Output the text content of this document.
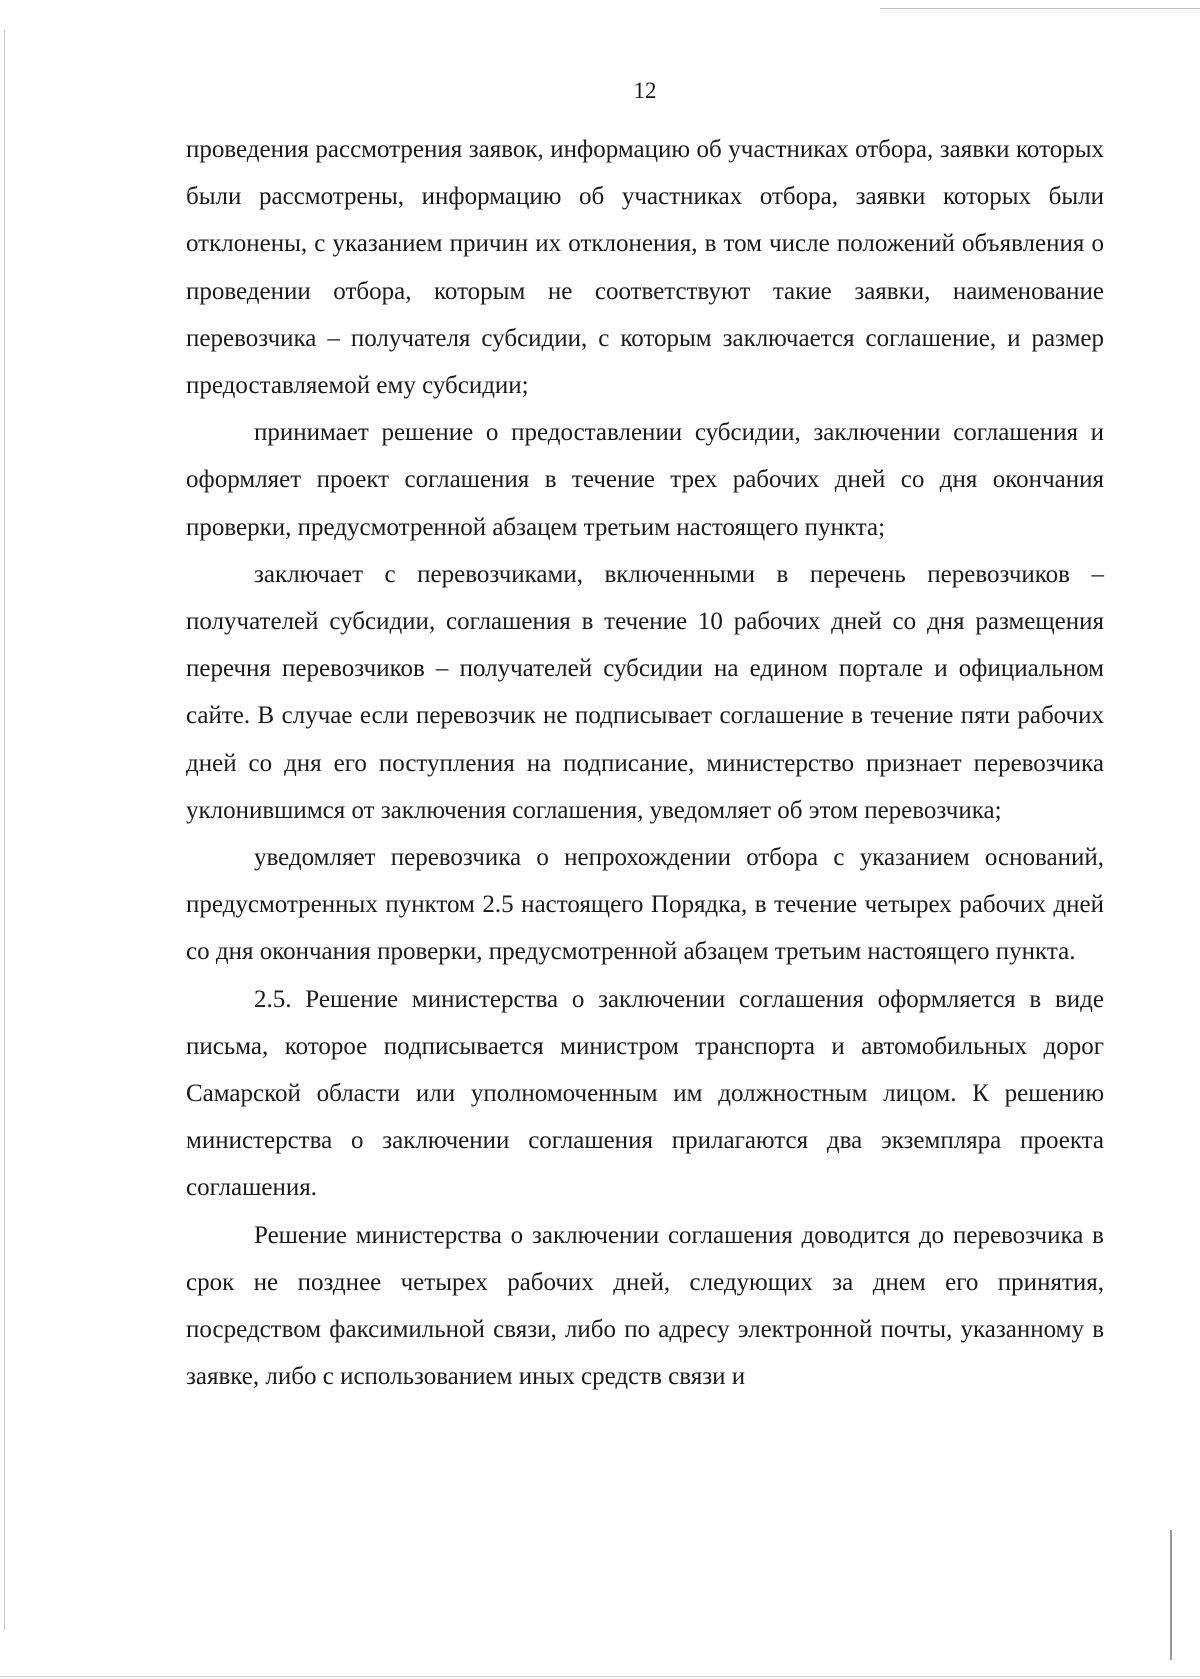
12

проведения рассмотрения заявок, информацию об участниках отбора, заявки которых были рассмотрены, информацию об участниках отбора, заявки которых были отклонены, с указанием причин их отклонения, в том числе положений объявления о проведении отбора, которым не соответствуют такие заявки, наименование перевозчика – получателя субсидии, с которым заключается соглашение, и размер предоставляемой ему субсидии;

принимает решение о предоставлении субсидии, заключении соглашения и оформляет проект соглашения в течение трех рабочих дней со дня окончания проверки, предусмотренной абзацем третьим настоящего пункта;

заключает с перевозчиками, включенными в перечень перевозчиков – получателей субсидии, соглашения в течение 10 рабочих дней со дня размещения перечня перевозчиков – получателей субсидии на едином портале и официальном сайте. В случае если перевозчик не подписывает соглашение в течение пяти рабочих дней со дня его поступления на подписание, министерство признает перевозчика уклонившимся от заключения соглашения, уведомляет об этом перевозчика;

уведомляет перевозчика о непрохождении отбора с указанием оснований, предусмотренных пунктом 2.5 настоящего Порядка, в течение четырех рабочих дней со дня окончания проверки, предусмотренной абзацем третьим настоящего пункта.

2.5. Решение министерства о заключении соглашения оформляется в виде письма, которое подписывается министром транспорта и автомобильных дорог Самарской области или уполномоченным им должностным лицом. К решению министерства о заключении соглашения прилагаются два экземпляра проекта соглашения.

Решение министерства о заключении соглашения доводится до перевозчика в срок не позднее четырех рабочих дней, следующих за днем его принятия, посредством факсимильной связи, либо по адресу электронной почты, указанному в заявке, либо с использованием иных средств связи и
